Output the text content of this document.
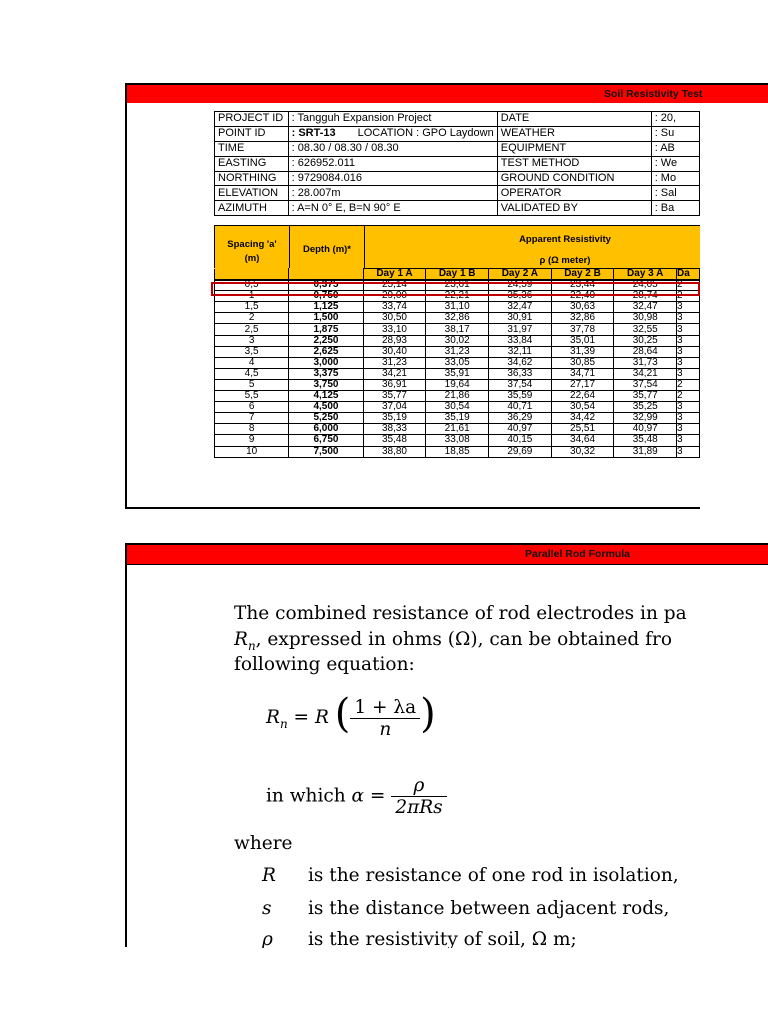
Soil Resistivity Test
PROJECT ID	: Tangguh Expansion Project	DATE	: 20,
POINT ID	: SRT-13 LOCATION : GPO Laydown	WEATHER	: Su
TIME	: 08.30 / 08.30 / 08.30	EQUIPMENT	: AB
EASTING	: 626952.011	TEST METHOD	: We
NORTHING	: 9729084.016	GROUND CONDITION	: Mo
ELEVATION	: 28.007m	OPERATOR	: Sal
AZIMUTH	: A=N 0° E, B=N 90° E	VALIDATED BY	: Ba
Spacing 'a'
(m)
Depth (m)*
Apparent Resistivity
ρ (Ω meter)
		Day 1 A	Day 1 B	Day 2 A	Day 2 B	Day 3 A	Da
0,5	0,375	25,14	23,61	24,59	23,44	24,05	2
1	0,750	29,00	22,21	35,36	22,40	28,74	2
1,5	1,125	33,74	31,10	32,47	30,63	32,47	3
2	1,500	30,50	32,86	30,91	32,86	30,98	3
2,5	1,875	33,10	38,17	31,97	37,78	32,55	3
3	2,250	28,93	30,02	33,84	35,01	30,25	3
3,5	2,625	30,40	31,23	32,11	31,39	28,64	3
4	3,000	31,23	33,05	34,62	30,85	31,73	3
4,5	3,375	34,21	35,91	36,33	34,71	34,21	3
5	3,750	36,91	19,64	37,54	27,17	37,54	2
5,5	4,125	35,77	21,86	35,59	22,64	35,77	2
6	4,500	37,04	30,54	40,71	30,54	35,25	3
7	5,250	35,19	35,19	36,29	34,42	32,99	3
8	6,000	38,33	21,61	40,97	25,51	40,97	3
9	6,750	35,48	33,08	40,15	34,64	35,48	3
10	7,500	38,80	18,85	29,69	30,32	31,89	3
Parallel Rod Formula
The combined resistance of rod electrodes in pa
$R_n$, expressed in ohms (Ω), can be obtained fro
following equation:
$R_n = R$ ( $\frac{1 + \lambda a}{n}$ )
in which $\alpha = \frac{\rho}{\text{2πRs}}$
where
R is the resistance of one rod in isolation,
s is the distance between adjacent rods,
ρ is the resistivity of soil, Ω m;
